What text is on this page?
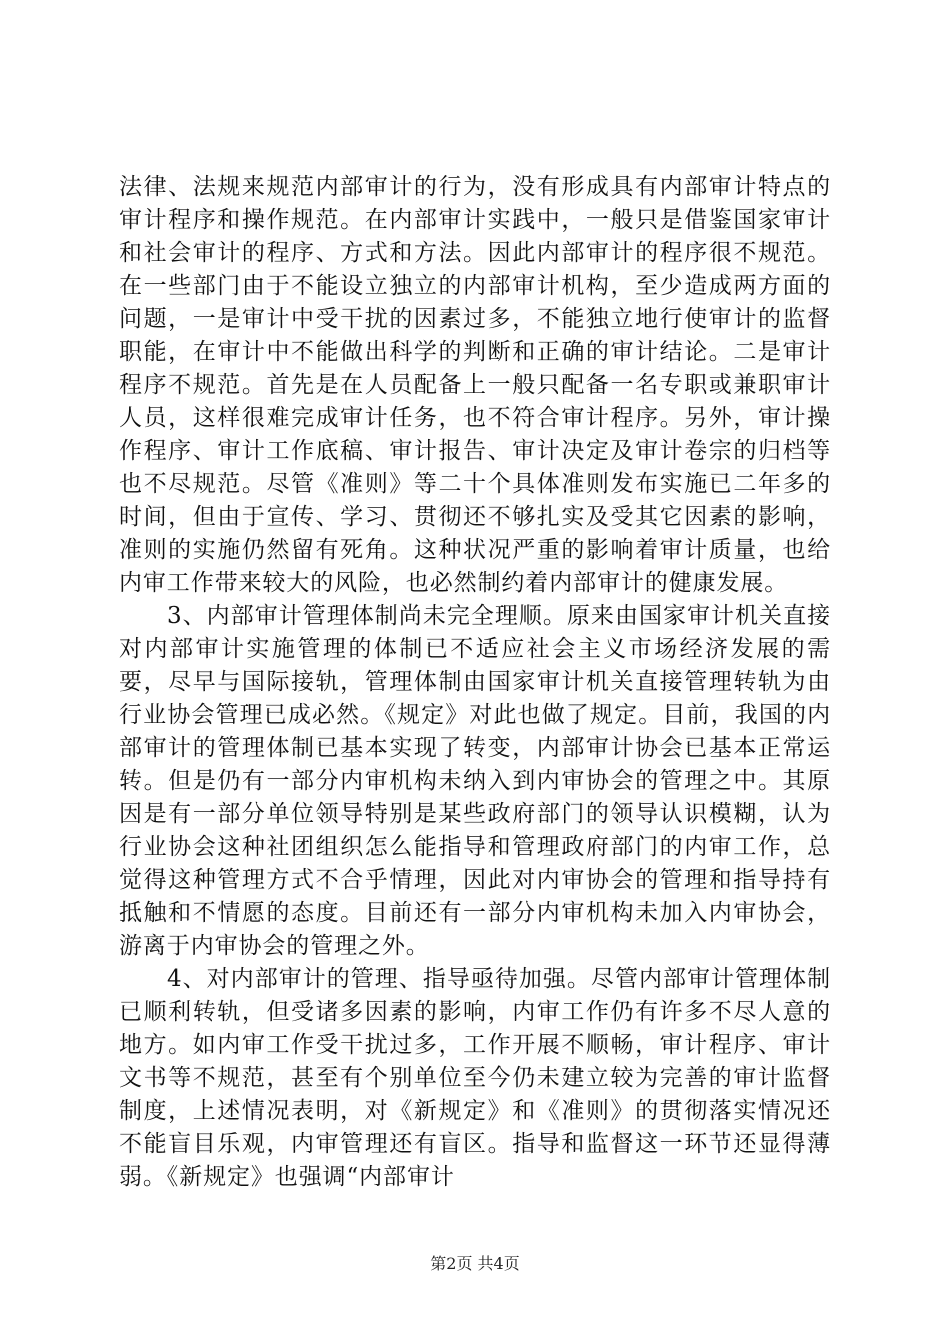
法律、法规来规范内部审计的行为，没有形成具有内部审计特点的审计程序和操作规范。在内部审计实践中，一般只是借鉴国家审计和社会审计的程序、方式和方法。因此内部审计的程序很不规范。在一些部门由于不能设立独立的内部审计机构，至少造成两方面的问题，一是审计中受干扰的因素过多，不能独立地行使审计的监督职能，在审计中不能做出科学的判断和正确的审计结论。二是审计程序不规范。首先是在人员配备上一般只配备一名专职或兼职审计人员，这样很难完成审计任务，也不符合审计程序。另外，审计操作程序、审计工作底稿、审计报告、审计决定及审计卷宗的归档等也不尽规范。尽管《准则》等二十个具体准则发布实施已二年多的时间，但由于宣传、学习、贯彻还不够扎实及受其它因素的影响，准则的实施仍然留有死角。这种状况严重的影响着审计质量，也给内审工作带来较大的风险，也必然制约着内部审计的健康发展。

3、内部审计管理体制尚未完全理顺。原来由国家审计机关直接对内部审计实施管理的体制已不适应社会主义市场经济发展的需要，尽早与国际接轨，管理体制由国家审计机关直接管理转轨为由行业协会管理已成必然。《规定》对此也做了规定。目前，我国的内部审计的管理体制已基本实现了转变，内部审计协会已基本正常运转。但是仍有一部分内审机构未纳入到内审协会的管理之中。其原因是有一部分单位领导特别是某些政府部门的领导认识模糊，认为行业协会这种社团组织怎么能指导和管理政府部门的内审工作，总觉得这种管理方式不合乎情理，因此对内审协会的管理和指导持有抵触和不情愿的态度。目前还有一部分内审机构未加入内审协会，游离于内审协会的管理之外。

4、对内部审计的管理、指导亟待加强。尽管内部审计管理体制已顺利转轨，但受诸多因素的影响，内审工作仍有许多不尽人意的地方。如内审工作受干扰过多，工作开展不顺畅，审计程序、审计文书等不规范，甚至有个别单位至今仍未建立较为完善的审计监督制度，上述情况表明，对《新规定》和《准则》的贯彻落实情况还不能盲目乐观，内审管理还有盲区。指导和监督这一环节还显得薄弱。《新规定》也强调“内部审计

第2页 共4页
